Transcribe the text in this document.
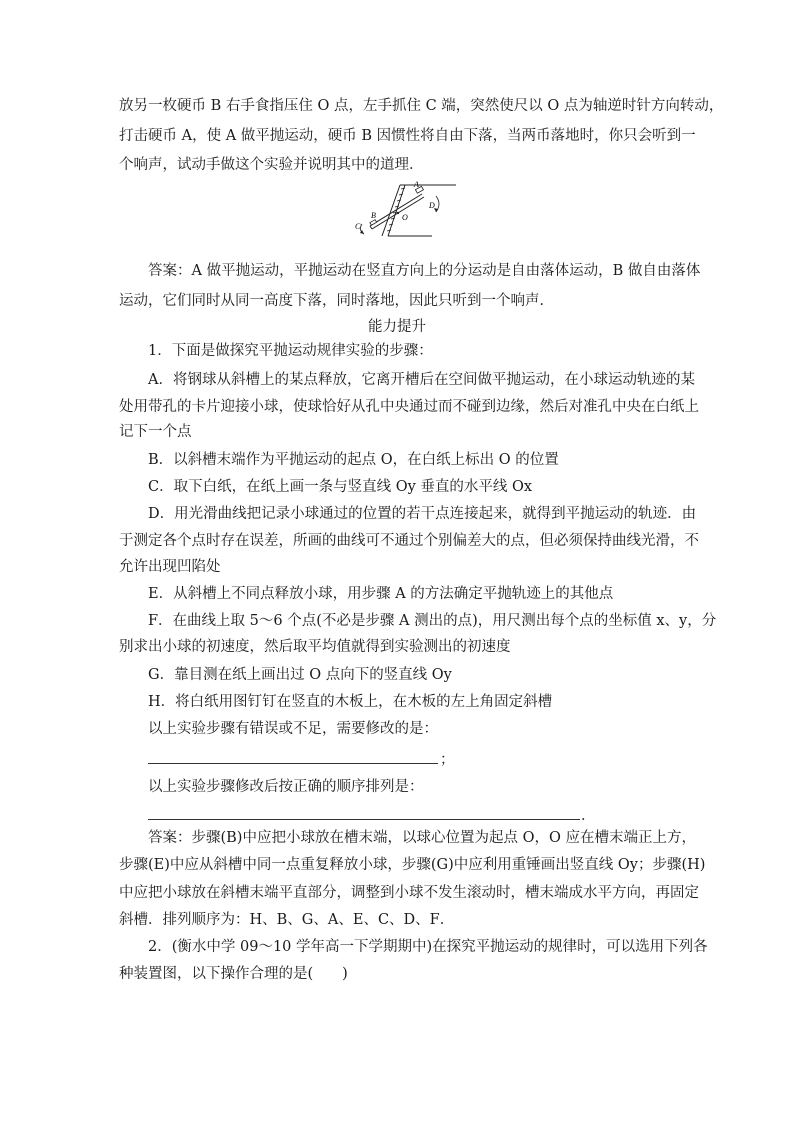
放另一枚硬币 B 右手食指压住 O 点，左手抓住 C 端，突然使尺以 O 点为轴逆时针方向转动，
打击硬币 A，使 A 做平抛运动，硬币 B 因惯性将自由下落，当两币落地时，你只会听到一
个响声，试动手做这个实验并说明其中的道理．
A
D
O
B
C
答案：A 做平抛运动，平抛运动在竖直方向上的分运动是自由落体运动，B 做自由落体
运动，它们同时从同一高度下落，同时落地，因此只听到一个响声．
能力提升
1．下面是做探究平抛运动规律实验的步骤：
A．将钢球从斜槽上的某点释放，它离开槽后在空间做平抛运动，在小球运动轨迹的某
处用带孔的卡片迎接小球，使球恰好从孔中央通过而不碰到边缘，然后对准孔中央在白纸上
记下一个点
B．以斜槽末端作为平抛运动的起点 O，在白纸上标出 O 的位置
C．取下白纸，在纸上画一条与竖直线 Oy 垂直的水平线 Ox
D．用光滑曲线把记录小球通过的位置的若干点连接起来，就得到平抛运动的轨迹．由
于测定各个点时存在误差，所画的曲线可不通过个别偏差大的点，但必须保持曲线光滑，不
允许出现凹陷处
E．从斜槽上不同点释放小球，用步骤 A 的方法确定平抛轨迹上的其他点
F．在曲线上取 5～6 个点(不必是步骤 A 测出的点)，用尺测出每个点的坐标值 x、y，分
别求出小球的初速度，然后取平均值就得到实验测出的初速度
G．靠目测在纸上画出过 O 点向下的竖直线 Oy
H．将白纸用图钉钉在竖直的木板上，在木板的左上角固定斜槽
以上实验步骤有错误或不足，需要修改的是：
；
以上实验步骤修改后按正确的顺序排列是：
．
答案：步骤(B)中应把小球放在槽末端，以球心位置为起点 O，O 应在槽末端正上方，
步骤(E)中应从斜槽中同一点重复释放小球，步骤(G)中应利用重锤画出竖直线 Oy；步骤(H)
中应把小球放在斜槽末端平直部分，调整到小球不发生滚动时，槽末端成水平方向，再固定
斜槽．排列顺序为：H、B、G、A、E、C、D、F．
2．(衡水中学 09～10 学年高一下学期期中)在探究平抛运动的规律时，可以选用下列各
种装置图，以下操作合理的是(　　)
